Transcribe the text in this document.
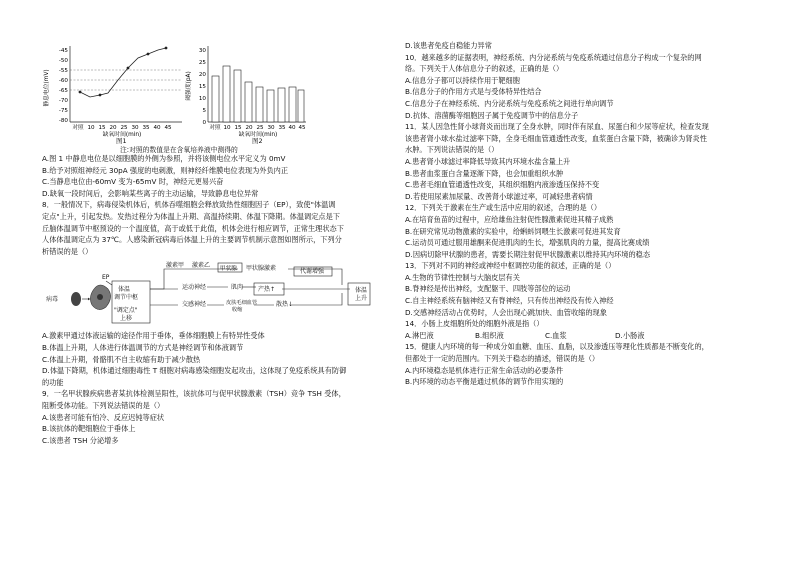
静息电位(mV)
-45
-50
-55
-60
-65
-70
-75
-80
对照 10 15 20 25 30 35 40 45
缺氧时间(min)
图1
阈强度(pA)
30
25
20
15
10
5
0
对照 10 15 20 25 30 35 40 45
缺氧时间(min)
图2
注:对照的数值是在含氧培养液中测得的
A.图 1 中静息电位是以细胞膜的外侧为参照，并将该侧电位水平定义为 0mV
B.给予对照组神经元 30pA 强度的电刺激，则神经纤维膜电位表现为外负内正
C.当静息电位由-60mV 变为-65mV 时，神经元更易兴奋
D.缺氧一段时间后，会影响某些离子的主动运输，导致静息电位异常
8．一般情况下，病毒侵染机体后，机体吞噬细胞会释放致热性细胞因子（EP），致使"体温调
定点"上升，引起发热。发热过程分为体温上升期、高温持续期、体温下降期。体温调定点是下
丘脑体温调节中枢预设的一个温度值，高于或低于此值，机体会进行相应调节，正常生理状态下
人体体温调定点为 37℃。人感染新冠病毒后体温上升的主要调节机制示意图如图所示，下列分
析错误的是（）
病毒
EP
体温
调节中枢
"调定点"
上移
激素甲 激素乙	甲状腺激素	代谢增强
运动神经	肌肉
交感神经
产热↑	体温
上升
散热↓
皮肤毛细血管
收缩
甲状腺
A.激素甲通过体液运输的途径作用于垂体，垂体细胞膜上有特异性受体
B.体温上升期，人体进行体温调节的方式是神经调节和体液调节
C.体温上升期，骨骼肌不自主收缩有助于减少散热
D.体温下降期，机体通过细胞毒性 T 细胞对病毒感染细胞发起攻击，这体现了免疫系统具有防御
的功能
9．一名甲状腺疾病患者某抗体检测呈阳性，该抗体可与促甲状腺激素（TSH）竞争 TSH 受体，
阻断受体功能。下列说法错误的是（）
A.该患者可能有怕冷、反应迟钝等症状
B.该抗体的靶细胞位于垂体上
C.该患者 TSH 分泌增多
D.该患者免疫自稳能力异常
10．越来越多的证据表明，神经系统、内分泌系统与免疫系统通过信息分子构成一个复杂的网
络。下列关于人体信息分子的叙述，正确的是（）
A.信息分子都可以持续作用于靶细胞
B.信息分子的作用方式是与受体特异性结合
C.信息分子在神经系统、内分泌系统与免疫系统之间进行单向调节
D.抗体、溶菌酶等细胞因子属于免疫调节中的信息分子
11．某人因急性肾小球肾炎而出现了全身水肿，同时伴有尿血、尿蛋白和少尿等症状，检查发现
该患者肾小球水盐过滤率下降，全身毛细血管通透性改变，血浆蛋白含量下降，被确诊为肾炎性
水肿。下列说法错误的是（）
A.患者肾小球滤过率降低导致其内环境水盐含量上升
B.患者血浆蛋白含量逐渐下降，也会加重组织水肿
C.患者毛细血管通透性改变，其组织细胞内液渗透压保持不变
D.若使用尿素加尿量、改善肾小球滤过率，可减轻患者病情
12．下列关于激素在生产或生活中应用的叙述，合理的是（）
A.在培育鱼苗的过程中，应给雄鱼注射促性腺激素促进其精子成熟
B.在研究常见动物激素的实验中，给蝌蚪饲喂生长激素可促进其发育
C.运动员可通过服用雄酮来促进肌肉的生长，增强肌肉的力量，提高比赛成绩
D.因病切除甲状腺的患者，需要长期注射促甲状腺激素以维持其内环境的稳态
13．下列对不同的神经或神经中枢调控功能的叙述，正确的是（）
A.生物的节律性控制与大脑皮层有关
B.脊神经是传出神经，支配躯干、四肢等部位的运动
C.自主神经系统有脑神经又有脊神经，只有传出神经没有传入神经
D.交感神经活动占优势时，人会出现心跳加快、血管收缩的现象
14．小肠上皮细胞所处的细胞外液是指（）
A.淋巴液	B.组织液	C.血浆	D.小肠液
15．健康人内环境的每一种成分如血糖、血压、血脂，以及渗透压等理化性质都是不断变化的，
但都处于一定的范围内。下列关于稳态的描述，错误的是（）
A.内环境稳态是机体进行正常生命活动的必要条件
B.内环境的动态平衡是通过机体的调节作用实现的
